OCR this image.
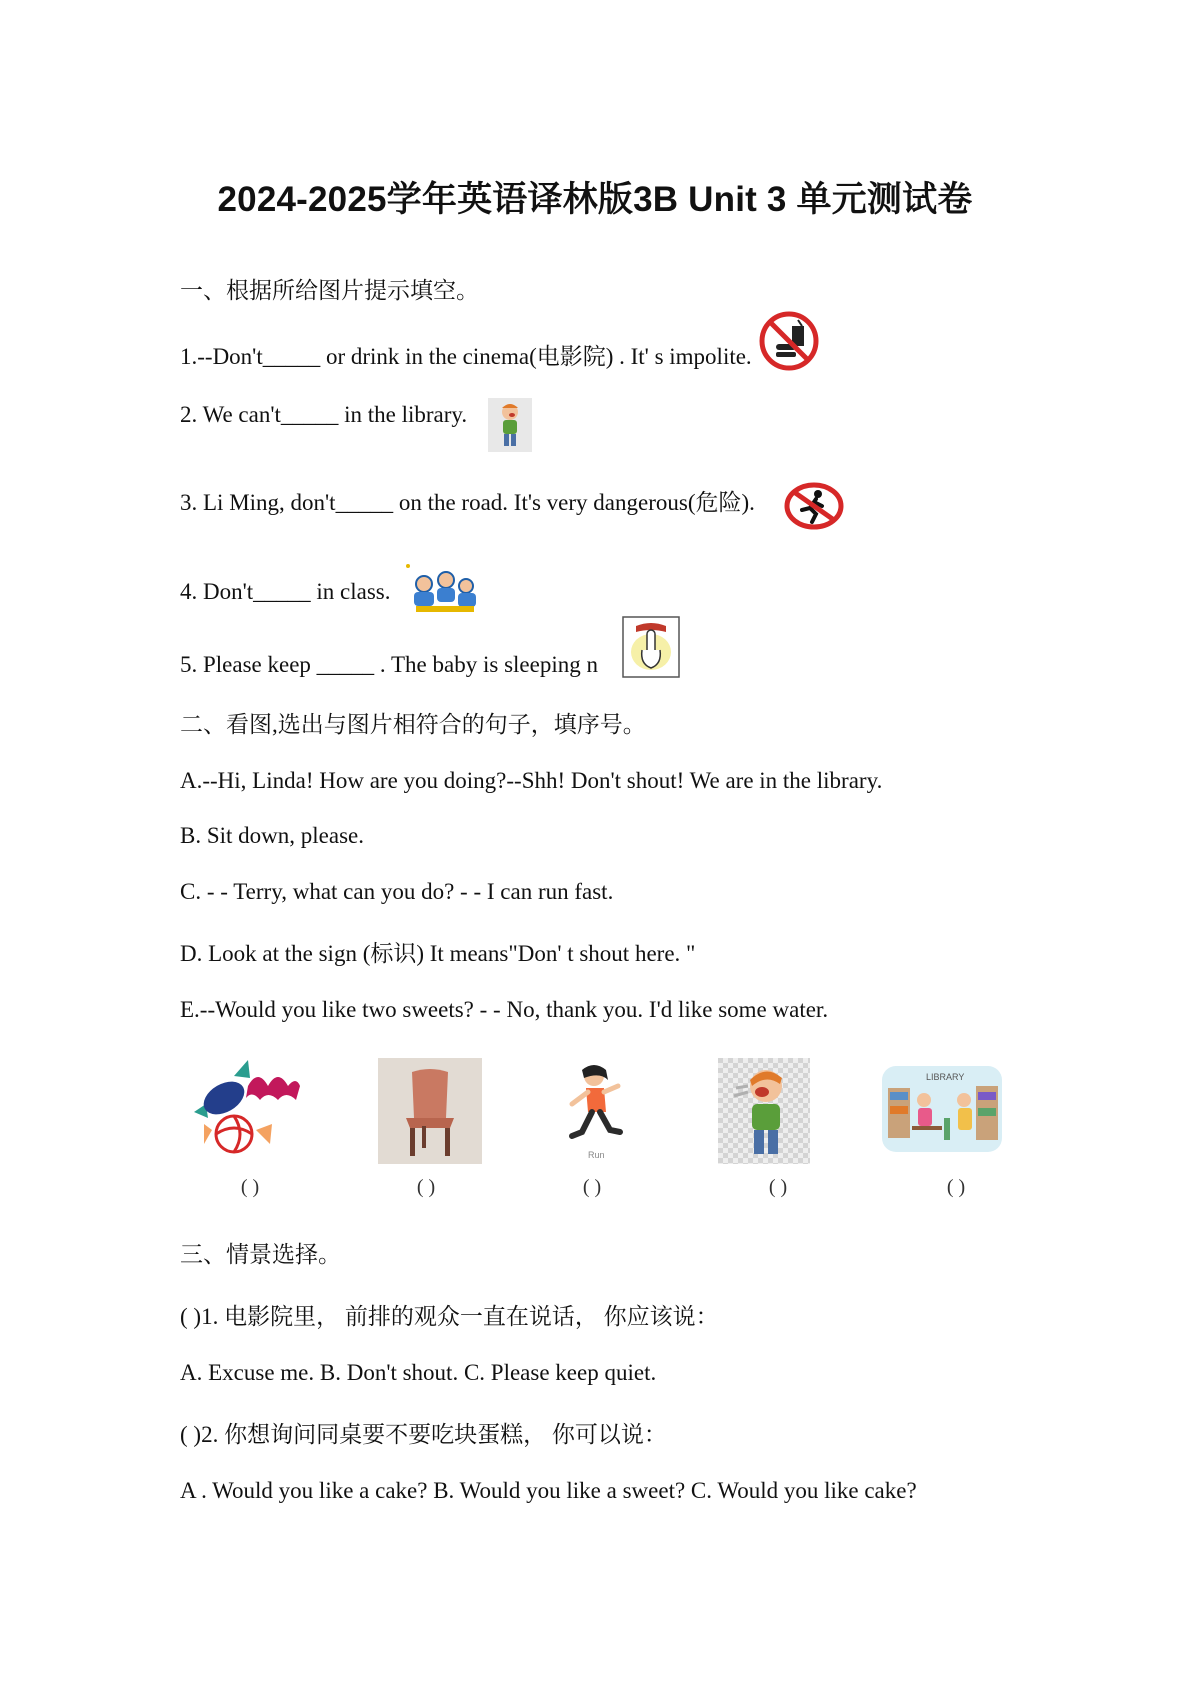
2024-2025学年英语译林版3B Unit 3 单元测试卷
一、根据所给图片提示填空。
1.--Don't_____ or drink in the cinema(电影院) . It' s impolite.
2. We can't_____ in the library.
3. Li Ming, don't_____ on the road. It's very dangerous(危险).
4. Don't_____ in class.
5. Please keep _____ . The baby is sleeping n
二、看图,选出与图片相符合的句子，填序号。
A.--Hi, Linda! How are you doing?--Shh! Don't shout! We are in the library.
B. Sit down, please.
C. - - Terry, what can you do? - - I can run fast.
D. Look at the sign (标识) It means"Don' t shout here. "
E.--Would you like two sweets? - - No, thank you. I'd like some water.
Run
LIBRARY
( )	( )	( )	( )	( )
三、情景选择。
( )1. 电影院里， 前排的观众一直在说话， 你应该说：
A. Excuse me. B. Don't shout. C. Please keep quiet.
( )2. 你想询问同桌要不要吃块蛋糕， 你可以说：
A . Would you like a cake? B. Would you like a sweet? C. Would you like cake?
